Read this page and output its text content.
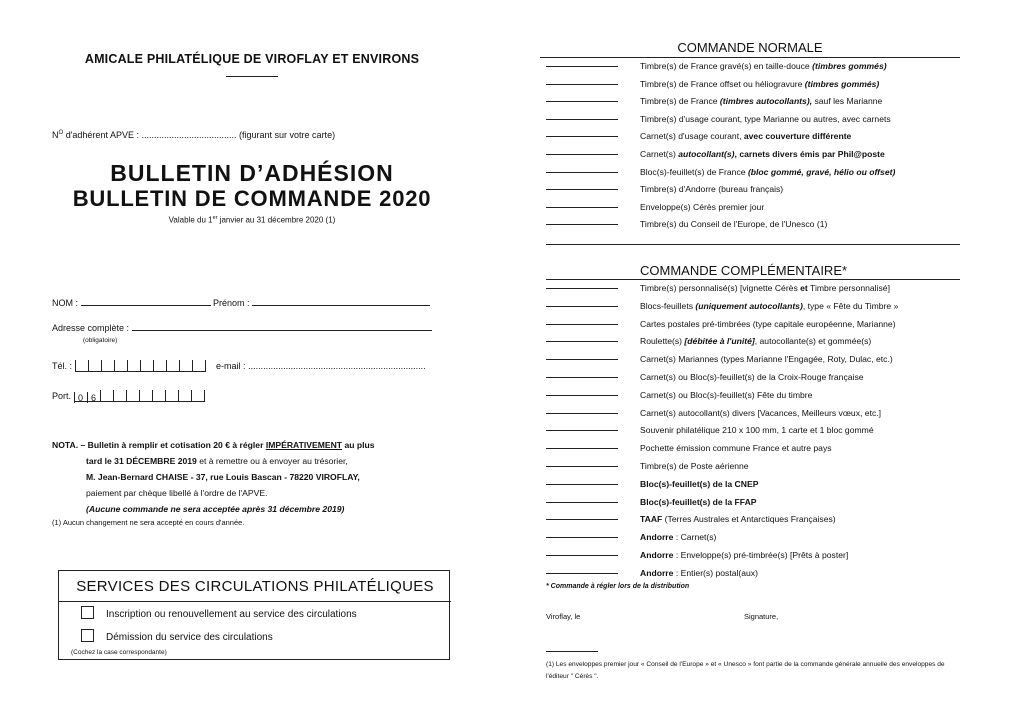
AMICALE PHILATÉLIQUE DE VIROFLAY ET ENVIRONS
$N^O$ d'adhérent APVE : ...................................... (figurant sur votre carte)
BULLETIN D’ADHÉSION
BULLETIN DE COMMANDE 2020
Valable du 1er janvier au 31 décembre 2020 (1)
NOM :	Prénom :
Adresse complète :
(obligatoire)
Tél. :	e-mail : .......................................................................
Port. 0 6
NOTA. – Bulletin à remplir et cotisation 20 € à régler IMPÉRATIVEMENT au plus
tard le 31 DÉCEMBRE 2019 et à remettre ou à envoyer au trésorier,
M. Jean-Bernard CHAISE - 37, rue Louis Bascan - 78220 VIROFLAY,
paiement par chèque libellé à l'ordre de l'APVE.
(Aucune commande ne sera acceptée après 31 décembre 2019)
(1) Aucun changement ne sera accepté en cours d'année.
SERVICES DES CIRCULATIONS PHILATÉLIQUES
Inscription ou renouvellement au service des circulations
Démission du service des circulations
(Cochez la case correspondante)
COMMANDE NORMALE
Timbre(s) de France gravé(s) en taille-douce (timbres gommés)
Timbre(s) de France offset ou héliogravure (timbres gommés)
Timbre(s) de France (timbres autocollants), sauf les Marianne
Timbre(s) d'usage courant, type Marianne ou autres, avec carnets
Carnet(s) d'usage courant, avec couverture différente
Carnet(s) autocollant(s), carnets divers émis par Phil@poste
Bloc(s)-feuillet(s) de France (bloc gommé, gravé, hélio ou offset)
Timbre(s) d'Andorre (bureau français)
Enveloppe(s) Cérès premier jour
Timbre(s) du Conseil de l'Europe, de l'Unesco (1)
COMMANDE COMPLÉMENTAIRE*
Timbre(s) personnalisé(s) [vignette Cérès et Timbre personnalisé]
Blocs-feuillets (uniquement autocollants), type « Fête du Timbre »
Cartes postales pré-timbrées (type capitale européenne, Marianne)
Roulette(s) [débitée à l'unité], autocollante(s) et gommée(s)
Carnet(s) Mariannes (types Marianne l'Engagée, Roty, Dulac, etc.)
Carnet(s) ou Bloc(s)-feuillet(s) de la Croix-Rouge française
Carnet(s) ou Bloc(s)-feuillet(s) Fête du timbre
Carnet(s) autocollant(s) divers [Vacances, Meilleurs vœux, etc.]
Souvenir philatélique 210 x 100 mm, 1 carte et 1 bloc gommé
Pochette émission commune France et autre pays
Timbre(s) de Poste aérienne
Bloc(s)-feuillet(s) de la CNEP
Bloc(s)-feuillet(s) de la FFAP
TAAF (Terres Australes et Antarctiques Françaises)
Andorre : Carnet(s)
Andorre : Enveloppe(s) pré-timbrée(s) [Prêts à poster]
Andorre : Entier(s) postal(aux)
* Commande à régler lors de la distribution
Viroflay, le	Signature,
(1) Les enveloppes premier jour « Conseil de l'Europe » et « Unesco » font partie de la commande générale annuelle des enveloppes de l'éditeur " Cérès ".
